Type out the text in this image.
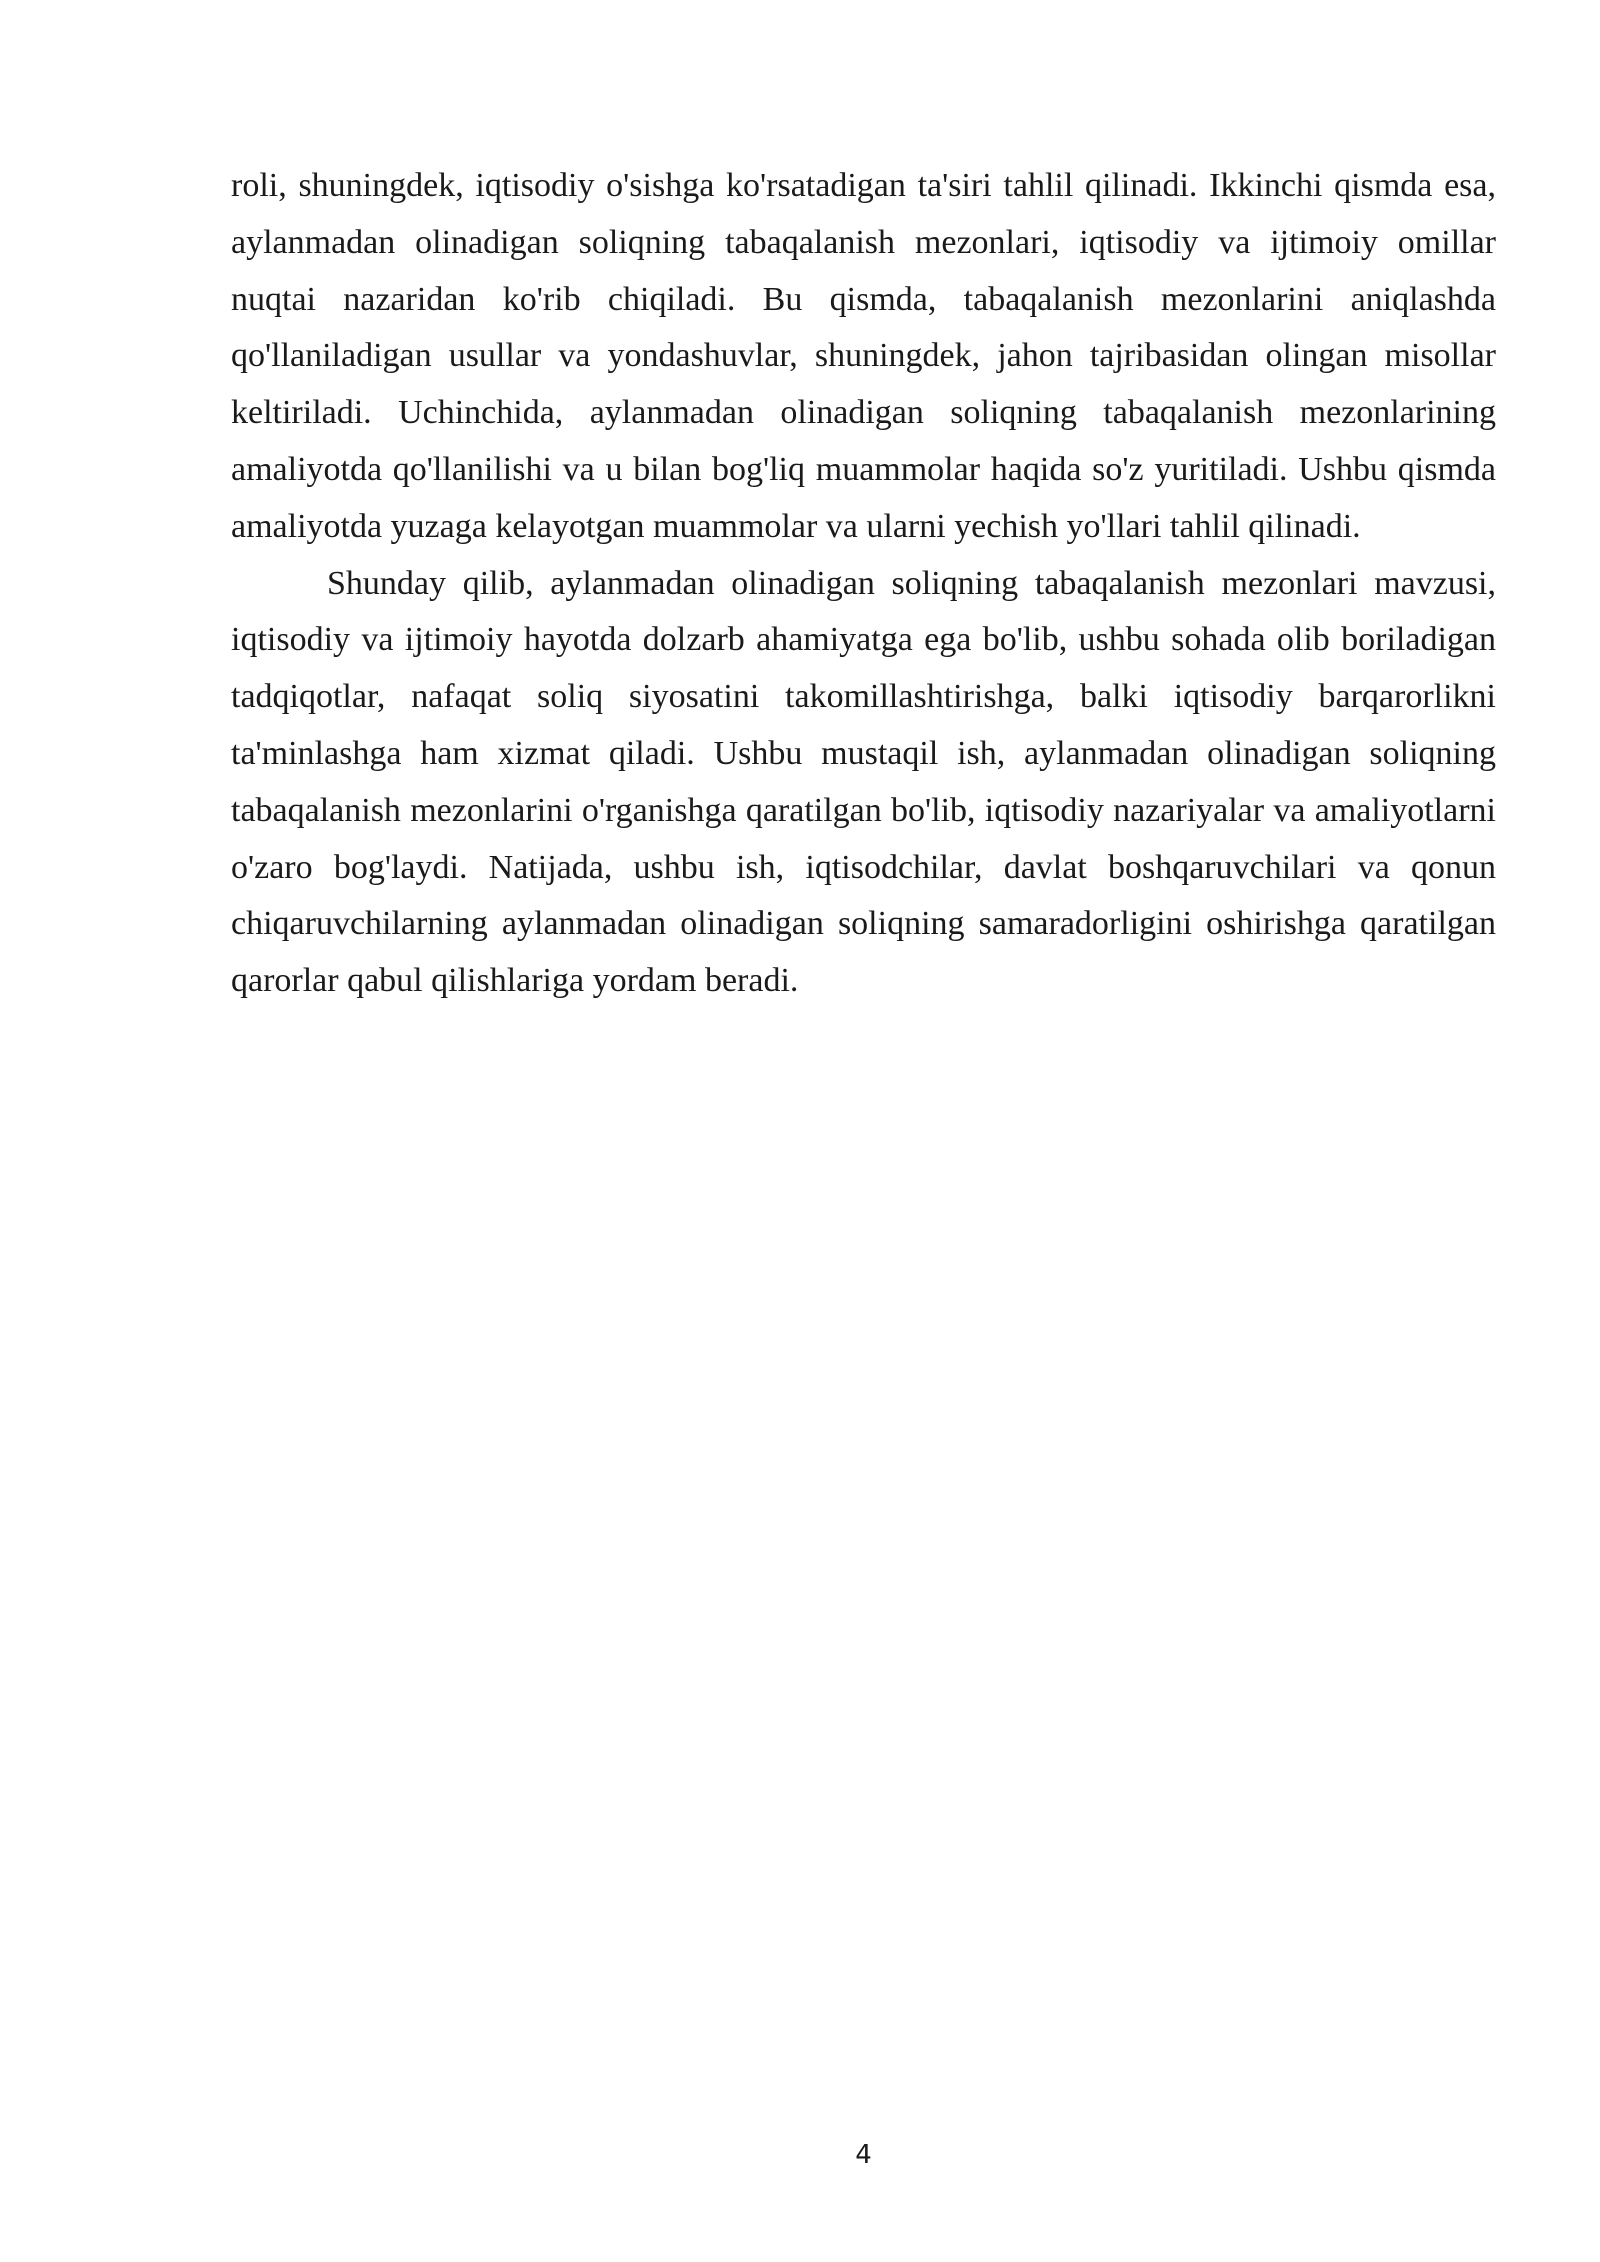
roli, shuningdek, iqtisodiy o'sishga ko'rsatadigan ta'siri tahlil qilinadi. Ikkinchi qismda esa, aylanmadan olinadigan soliqning tabaqalanish mezonlari, iqtisodiy va ijtimoiy omillar nuqtai nazaridan ko'rib chiqiladi. Bu qismda, tabaqalanish mezonlarini aniqlashda qo'llaniladigan usullar va yondashuvlar, shuningdek, jahon tajribasidan olingan misollar keltiriladi. Uchinchida, aylanmadan olinadigan soliqning tabaqalanish mezonlarining amaliyotda qo'llanilishi va u bilan bog'liq muammolar haqida so'z yuritiladi. Ushbu qismda amaliyotda yuzaga kelayotgan muammolar va ularni yechish yo'llari tahlil qilinadi.

Shunday qilib, aylanmadan olinadigan soliqning tabaqalanish mezonlari mavzusi, iqtisodiy va ijtimoiy hayotda dolzarb ahamiyatga ega bo'lib, ushbu sohada olib boriladigan tadqiqotlar, nafaqat soliq siyosatini takomillashtirishga, balki iqtisodiy barqarorlikni ta'minlashga ham xizmat qiladi. Ushbu mustaqil ish, aylanmadan olinadigan soliqning tabaqalanish mezonlarini o'rganishga qaratilgan bo'lib, iqtisodiy nazariyalar va amaliyotlarni o'zaro bog'laydi. Natijada, ushbu ish, iqtisodchilar, davlat boshqaruvchilari va qonun chiqaruvchilarning aylanmadan olinadigan soliqning samaradorligini oshirishga qaratilgan qarorlar qabul qilishlariga yordam beradi.

4
